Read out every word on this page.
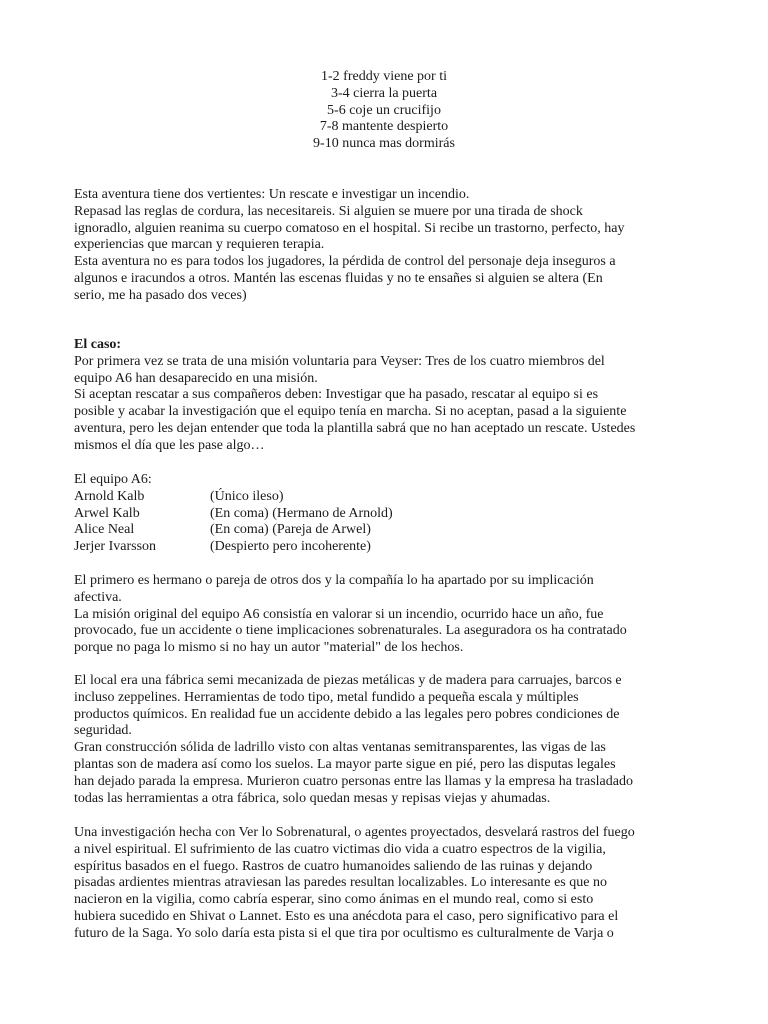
1-2 freddy viene por ti
3-4 cierra la puerta
5-6 coje un crucifijo
7-8 mantente despierto
9-10 nunca mas dormirás
Esta aventura tiene dos vertientes: Un rescate e investigar un incendio.
Repasad las reglas de cordura, las necesitareis. Si alguien se muere por una tirada de shock
ignoradlo, alguien reanima su cuerpo comatoso en el hospital. Si recibe un trastorno, perfecto, hay
experiencias que marcan y requieren terapia.
Esta aventura no es para todos los jugadores, la pérdida de control del personaje deja inseguros a
algunos e iracundos a otros. Mantén las escenas fluidas y no te ensañes si alguien se altera (En
serio, me ha pasado dos veces)
El caso:
Por primera vez se trata de una misión voluntaria para Veyser: Tres de los cuatro miembros del
equipo A6 han desaparecido en una misión.
Si aceptan rescatar a sus compañeros deben: Investigar que ha pasado, rescatar al equipo si es
posible y acabar la investigación que el equipo tenía en marcha. Si no aceptan, pasad a la siguiente
aventura, pero les dejan entender que toda la plantilla sabrá que no han aceptado un rescate. Ustedes
mismos el día que les pase algo…
El equipo A6:
Arnold Kalb	(Único ileso)
Arwel Kalb	(En coma) (Hermano de Arnold)
Alice Neal	(En coma) (Pareja de Arwel)
Jerjer Ivarsson	(Despierto pero incoherente)
El primero es hermano o pareja de otros dos y la compañía lo ha apartado por su implicación
afectiva.
La misión original del equipo A6 consistía en valorar si un incendio, ocurrido hace un año, fue
provocado, fue un accidente o tiene implicaciones sobrenaturales. La aseguradora os ha contratado
porque no paga lo mismo si no hay un autor "material" de los hechos.
El local era una fábrica semi mecanizada de piezas metálicas y de madera para carruajes, barcos e
incluso zeppelines. Herramientas de todo tipo, metal fundido a pequeña escala y múltiples
productos químicos. En realidad fue un accidente debido a las legales pero pobres condiciones de
seguridad.
Gran construcción sólida de ladrillo visto con altas ventanas semitransparentes, las vigas de las
plantas son de madera así como los suelos. La mayor parte sigue en pié, pero las disputas legales
han dejado parada la empresa. Murieron cuatro personas entre las llamas y la empresa ha trasladado
todas las herramientas a otra fábrica, solo quedan mesas y repisas viejas y ahumadas.
Una investigación hecha con Ver lo Sobrenatural, o agentes proyectados, desvelará rastros del fuego
a nivel espiritual. El sufrimiento de las cuatro victimas dio vida a cuatro espectros de la vigilia,
espíritus basados en el fuego. Rastros de cuatro humanoides saliendo de las ruinas y dejando
pisadas ardientes mientras atraviesan las paredes resultan localizables. Lo interesante es que no
nacieron en la vigilia, como cabría esperar, sino como ánimas en el mundo real, como si esto
hubiera sucedido en Shivat o Lannet. Esto es una anécdota para el caso, pero significativo para el
futuro de la Saga. Yo solo daría esta pista si el que tira por ocultismo es culturalmente de Varja o
